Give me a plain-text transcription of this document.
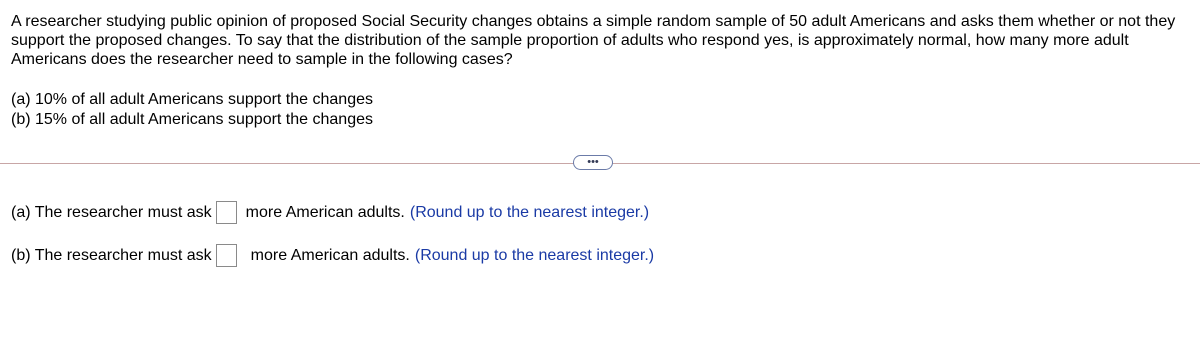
A researcher studying public opinion of proposed Social Security changes obtains a simple random sample of 50 adult Americans and asks them whether or not they support the proposed changes. To say that the distribution of the sample proportion of adults who respond yes, is approximately normal, how many more adult Americans does the researcher need to sample in the following cases?
(a) 10% of all adult Americans support the changes
(b) 15% of all adult Americans support the changes
•••
(a) The researcher must ask more American adults. (Round up to the nearest integer.)
(b) The researcher must ask more American adults. (Round up to the nearest integer.)
